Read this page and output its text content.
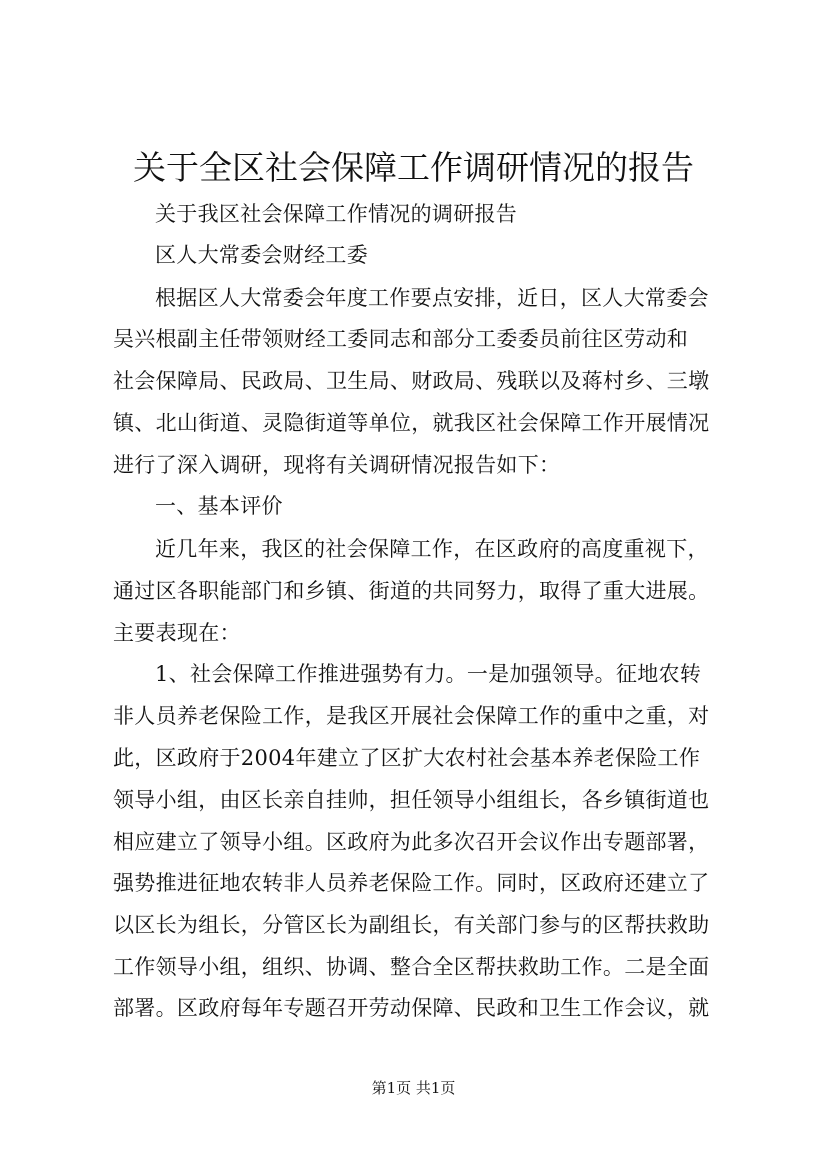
关于全区社会保障工作调研情况的报告
关于我区社会保障工作情况的调研报告
区人大常委会财经工委
根据区人大常委会年度工作要点安排，近日，区人大常委会
吴兴根副主任带领财经工委同志和部分工委委员前往区劳动和
社会保障局、民政局、卫生局、财政局、残联以及蒋村乡、三墩
镇、北山街道、灵隐街道等单位，就我区社会保障工作开展情况
进行了深入调研，现将有关调研情况报告如下：
一、基本评价
近几年来，我区的社会保障工作，在区政府的高度重视下，
通过区各职能部门和乡镇、街道的共同努力，取得了重大进展。
主要表现在：
1、社会保障工作推进强势有力。一是加强领导。征地农转
非人员养老保险工作，是我区开展社会保障工作的重中之重，对
此，区政府于2004年建立了区扩大农村社会基本养老保险工作
领导小组，由区长亲自挂帅，担任领导小组组长，各乡镇街道也
相应建立了领导小组。区政府为此多次召开会议作出专题部署，
强势推进征地农转非人员养老保险工作。同时，区政府还建立了
以区长为组长，分管区长为副组长，有关部门参与的区帮扶救助
工作领导小组，组织、协调、整合全区帮扶救助工作。二是全面
部署。区政府每年专题召开劳动保障、民政和卫生工作会议，就
第1页 共1页
